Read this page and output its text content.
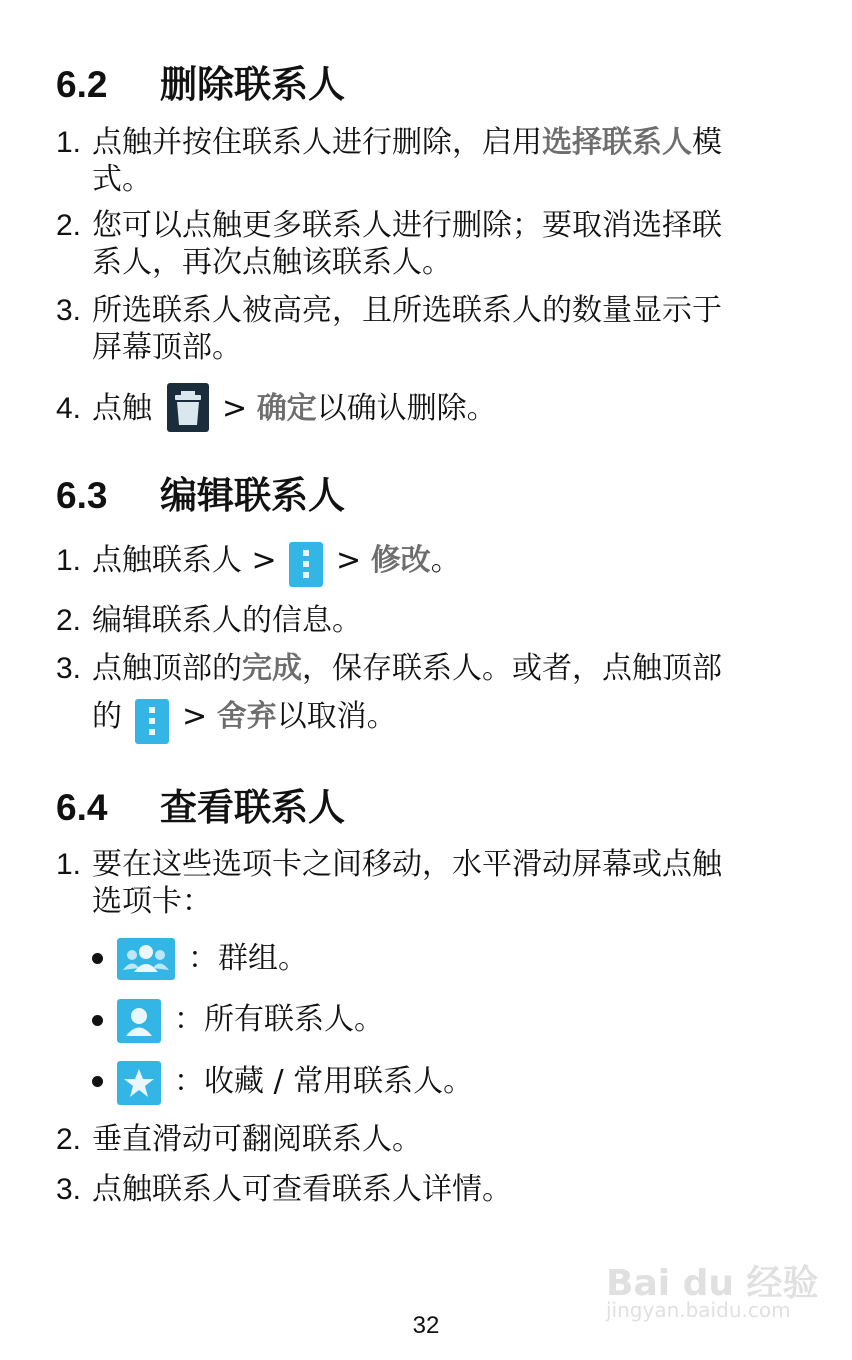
6.2 删除联系人
1. 点触并按住联系人进行删除，启用选择联系人模
式。
2. 您可以点触更多联系人进行删除；要取消选择联
系人，再次点触该联系人。
3. 所选联系人被高亮，且所选联系人的数量显示于
屏幕顶部。
4. 点触 > 确定以确认删除。
6.3 编辑联系人
1. 点触联系人 > > 修改。
2. 编辑联系人的信息。
3. 点触顶部的完成，保存联系人。或者，点触顶部
的 > 舍弃以取消。
6.4 查看联系人
1. 要在这些选项卡之间移动，水平滑动屏幕或点触
选项卡：
：群组。
：所有联系人。
：收藏 / 常用联系人。
2. 垂直滑动可翻阅联系人。
3. 点触联系人可查看联系人详情。
Bai du 经验
jingyan.baidu.com
32
